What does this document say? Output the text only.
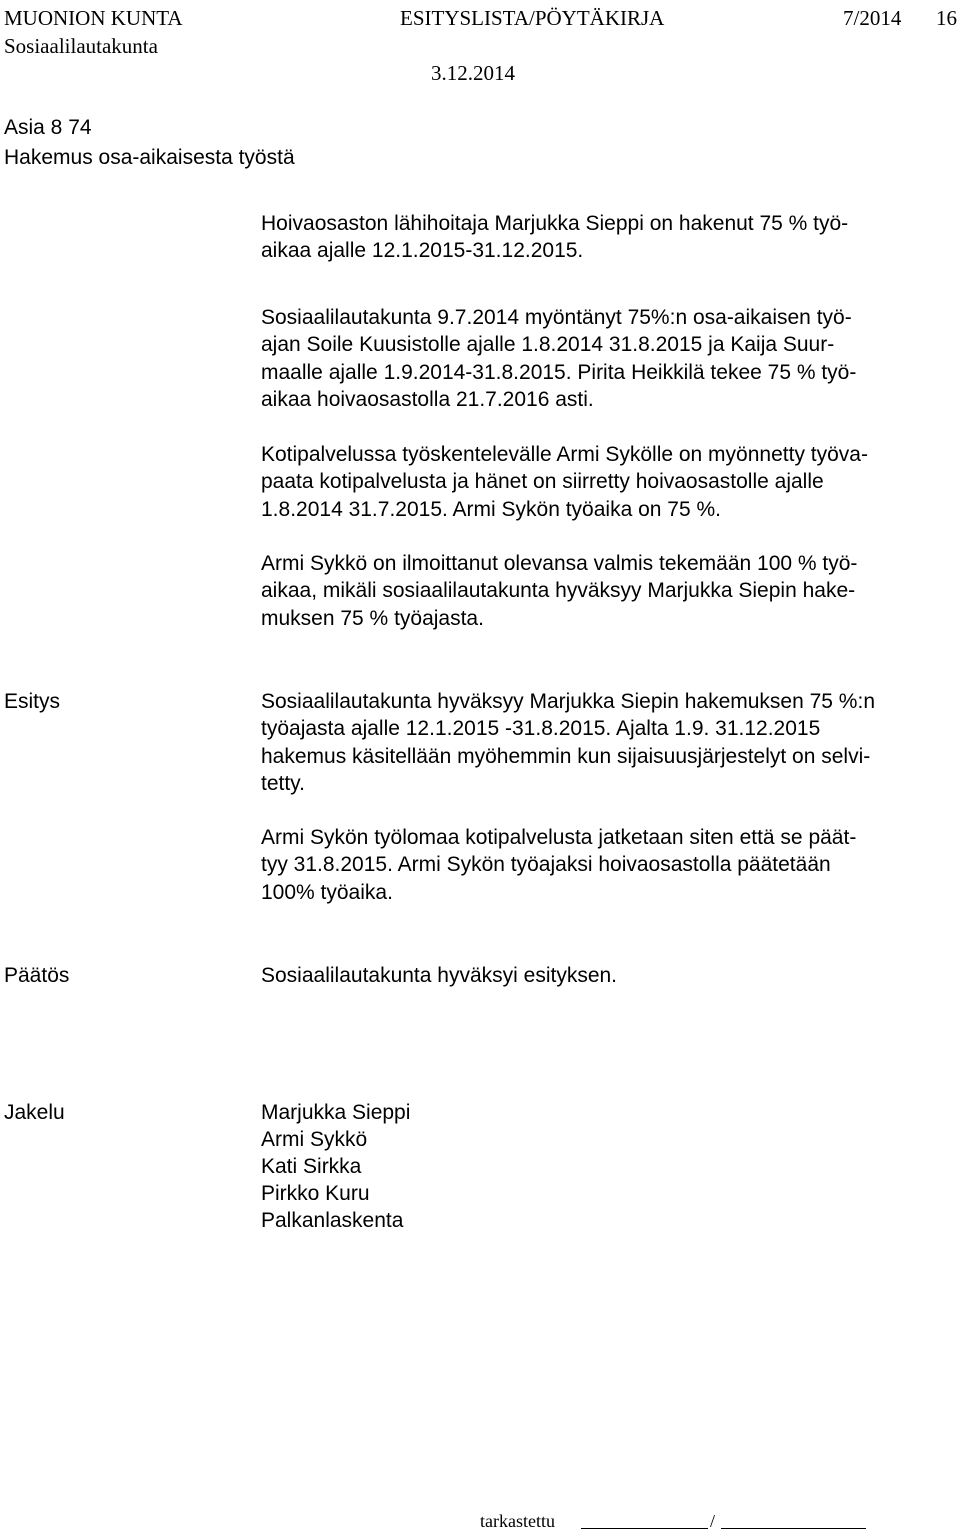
MUONION KUNTA	ESITYSLISTA/PÖYTÄKIRJA	7/2014 16
Sosiaalilautakunta
3.12.2014
Asia 8 74
Hakemus osa-aikaisesta työstä
Hoivaosaston lähihoitaja Marjukka Sieppi on hakenut 75 % työ-
aikaa ajalle 12.1.2015-31.12.2015.
Sosiaalilautakunta 9.7.2014 myöntänyt 75%:n osa-aikaisen työ-
ajan Soile Kuusistolle ajalle 1.8.2014 31.8.2015 ja Kaija Suur-
maalle ajalle 1.9.2014-31.8.2015. Pirita Heikkilä tekee 75 % työ-
aikaa hoivaosastolla 21.7.2016 asti.
Kotipalvelussa työskentelevälle Armi Sykölle on myönnetty työva-
paata kotipalvelusta ja hänet on siirretty hoivaosastolle ajalle
1.8.2014 31.7.2015. Armi Sykön työaika on 75 %.
Armi Sykkö on ilmoittanut olevansa valmis tekemään 100 % työ-
aikaa, mikäli sosiaalilautakunta hyväksyy Marjukka Siepin hake-
muksen 75 % työajasta.
Esitys	Sosiaalilautakunta hyväksyy Marjukka Siepin hakemuksen 75 %:n
työajasta ajalle 12.1.2015 -31.8.2015. Ajalta 1.9. 31.12.2015
hakemus käsitellään myöhemmin kun sijaisuusjärjestelyt on selvi-
tetty.
Armi Sykön työlomaa kotipalvelusta jatketaan siten että se päät-
tyy 31.8.2015. Armi Sykön työajaksi hoivaosastolla päätetään
100% työaika.
Päätös	Sosiaalilautakunta hyväksyi esityksen.
Jakelu	Marjukka Sieppi
Armi Sykkö
Kati Sirkka
Pirkko Kuru
Palkanlaskenta
tarkastettu	/
